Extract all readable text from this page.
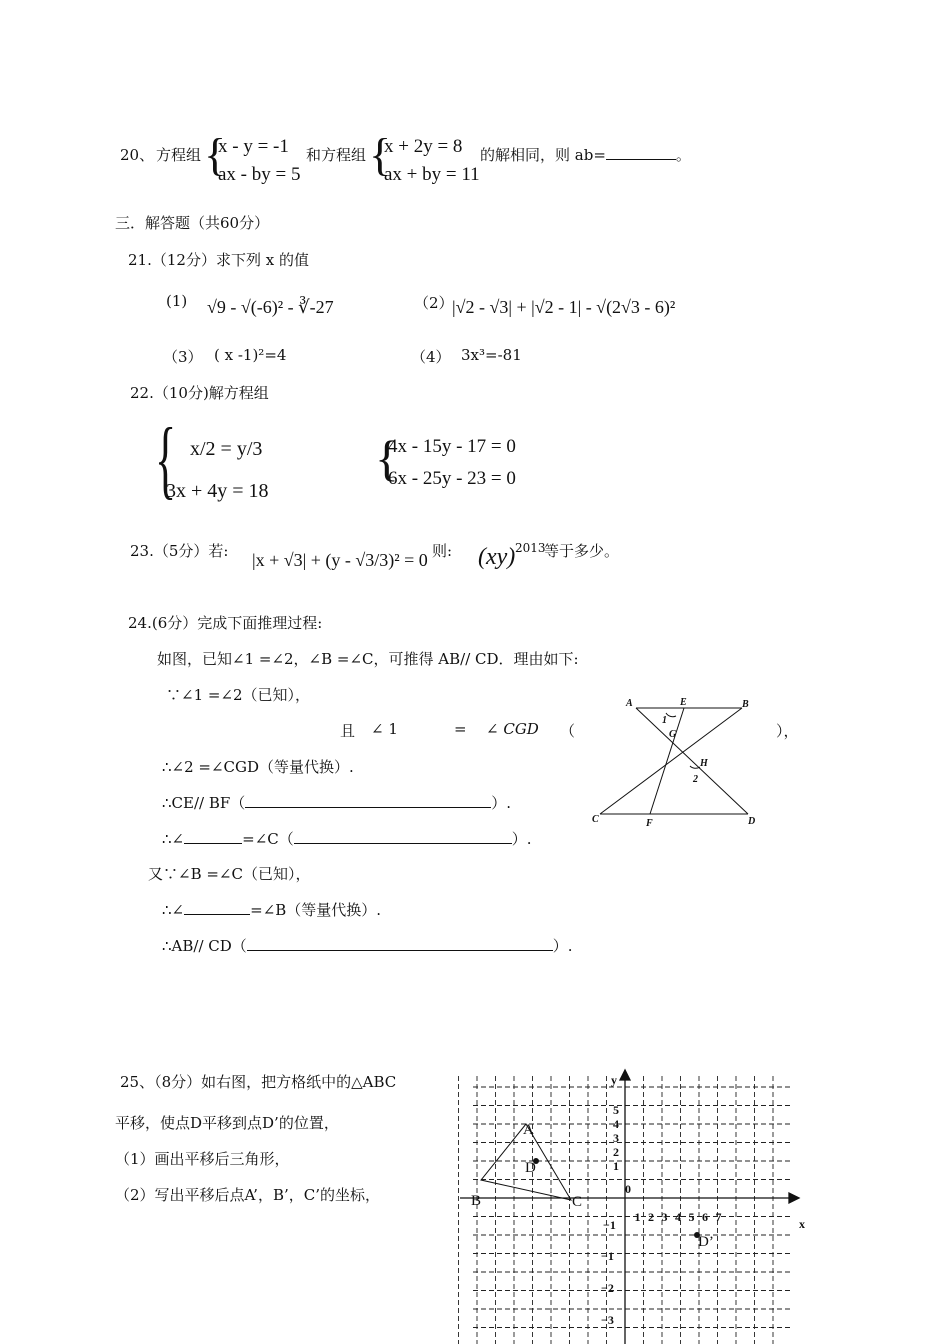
20、 方程组 {
x - y = -1
ax - by = 5
和方程组 {
x + 2y = 8
ax + by = 11
的解相同，则 ab=	。
三．解答题（共60分）
21.（12分）求下列 x 的值
(1) √9 - √(-6)² - ∛-27	（2）
|√2 - √3| + |√2 - 1| - √(2√3 - 6)²
（3） ( x -1)²=4	（4） 3x³=-81
22.（10分)解方程组
{ x/2 = y/3
3x + 4y = 18
{
4x - 15y - 17 = 0
6x - 25y - 23 = 0
23.（5分）若: |x + √3| + (y - √3/3)² = 0 则: (xy) 2013
等于多少。
24.(6分）完成下面推理过程:
如图，已知∠1 =∠2，∠B =∠C，可推得 AB// CD．理由如下:
∵∠1 =∠2（已知），
且 ∠ 1	= ∠ CGD （	），
∴∠2 =∠CGD（等量代换）.
∴CE// BF（	）.
∴∠	=∠C（	）.
又∵∠B =∠C（已知），
∴∠	=∠B（等量代换）.
∴AB// CD（	）.
A	E	B
1
G
H
2
C	F	D
25、（8分）如右图，把方格纸中的△ABC
平移，使点D平移到点D’的位置，
（1）画出平移后三角形，
（2）写出平移后点A’，B’，C’的坐标，
A
B	C
D
D’
x
y
0
1 2 3 4 5 6 7
−1
1
2
3
4
5
−1
−2
−3
